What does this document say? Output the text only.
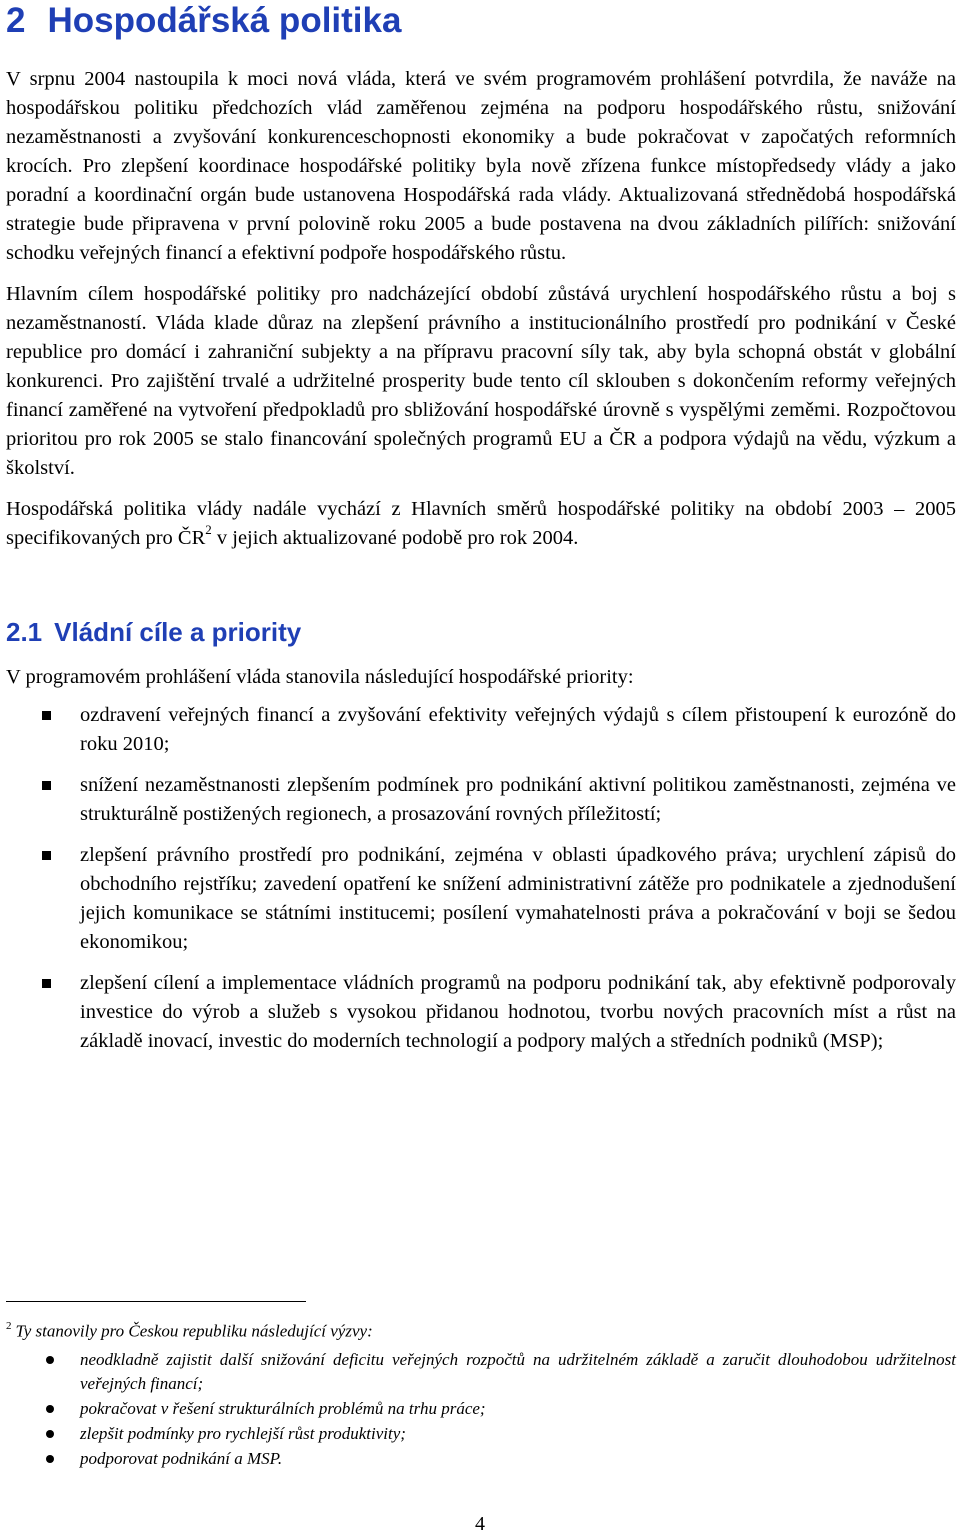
2 Hospodářská politika

V srpnu 2004 nastoupila k moci nová vláda, která ve svém programovém prohlášení potvrdila, že naváže na hospodářskou politiku předchozích vlád zaměřenou zejména na podporu hospodářského růstu, snižování nezaměstnanosti a zvyšování konkurenceschopnosti ekonomiky a bude pokračovat v započatých reformních krocích. Pro zlepšení koordinace hospodářské politiky byla nově zřízena funkce místopředsedy vlády a jako poradní a koordinační orgán bude ustanovena Hospodářská rada vlády. Aktualizovaná střednědobá hospodářská strategie bude připravena v první polovině roku 2005 a bude postavena na dvou základních pilířích: snižování schodku veřejných financí a efektivní podpoře hospodářského růstu.

Hlavním cílem hospodářské politiky pro nadcházející období zůstává urychlení hospodářského růstu a boj s nezaměstnaností. Vláda klade důraz na zlepšení právního a institucionálního prostředí pro podnikání v České republice pro domácí i zahraniční subjekty a na přípravu pracovní síly tak, aby byla schopná obstát v globální konkurenci. Pro zajištění trvalé a udržitelné prosperity bude tento cíl sklouben s dokončením reformy veřejných financí zaměřené na vytvoření předpokladů pro sbližování hospodářské úrovně s vyspělými zeměmi. Rozpočtovou prioritou pro rok 2005 se stalo financování společných programů EU a ČR a podpora výdajů na vědu, výzkum a školství.

Hospodářská politika vlády nadále vychází z Hlavních směrů hospodářské politiky na období 2003 – 2005 specifikovaných pro ČR$^2$ v jejich aktualizované podobě pro rok 2004.

2.1 Vládní cíle a priority

V programovém prohlášení vláda stanovila následující hospodářské priority:

ozdravení veřejných financí a zvyšování efektivity veřejných výdajů s cílem přistoupení k eurozóně do roku 2010;
snížení nezaměstnanosti zlepšením podmínek pro podnikání aktivní politikou zaměstnanosti, zejména ve strukturálně postižených regionech, a prosazování rovných příležitostí;
zlepšení právního prostředí pro podnikání, zejména v oblasti úpadkového práva; urychlení zápisů do obchodního rejstříku; zavedení opatření ke snížení administrativní zátěže pro podnikatele a zjednodušení jejich komunikace se státními institucemi; posílení vymahatelnosti práva a pokračování v boji se šedou ekonomikou;
zlepšení cílení a implementace vládních programů na podporu podnikání tak, aby efektivně podporovaly investice do výrob a služeb s vysokou přidanou hodnotou, tvorbu nových pracovních míst a růst na základě inovací, investic do moderních technologií a podpory malých a středních podniků (MSP);
$^2$ Ty stanovily pro Českou republiku následující výzvy:
neodkladně zajistit další snižování deficitu veřejných rozpočtů na udržitelném základě a zaručit dlouhodobou udržitelnost veřejných financí;
pokračovat v řešení strukturálních problémů na trhu práce;
zlepšit podmínky pro rychlejší růst produktivity;
podporovat podnikání a MSP.
4
